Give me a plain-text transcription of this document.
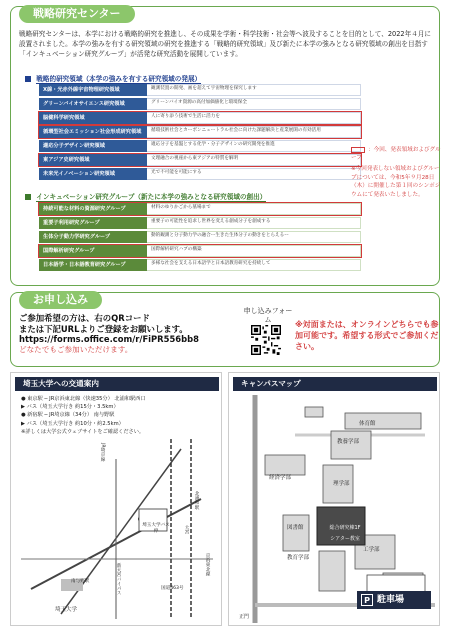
戦略研究センター
戦略研究センターは、本学における戦略的研究を推進し、その成果を学術・科学技術・社会等へ波及することを目的として、2022年４月に設置されました。本学の強みを有する研究領域の研究を推進する「戦略的研究領域」及び新たに本学の強みとなる研究領域の創出を目指す「インキュベーション研究グループ」が活発な研究活動を展開しています。
戦略的研究領域（本学の強みを有する研究領域の発展）
X線・光赤外線宇宙物理研究領域	観測装置の開発、画を超えて宇宙物理を探究します
グリーンバイオサイエンス研究領域	グリーンバイオ資源の高付加価値化と環境保全
脳健科学研究領域	人に寄り添う技術で生活に活力を
循環型社会エミッション社会形成研究領域	循環技術社会とカーボンニュートラル社会に向けた課題解決と産業展開の有効活用
適応分子デザイン研究領域	適応分子を基盤とする化学・分子デザインの研究開発を推進
東アジア史研究領域	文理融合の視座から東アジアの特質を解明
未来光イノベーション研究領域	光で不可能を可能にする
インキュベーション研究グループ（新たに本学の強みとなる研究領域の創出）
持続可能な材料の資源研究グループ	材料のゆりかごから墓場まで
重要子利用研究グループ	重要子の可能性を追求し世界を変える創成分子を創成する
生体分子動力学研究グループ	動的観測と分子動力学の融合ー生きた生体分子の動きをとらえるー
国際解析研究グループ	国際解析研究ハブの構築
日本語学・日本語教育研究グループ	多様な社会を支える日本語学と日本語教育研究を持続して
：今回、発表領域およびグループ
※今回発表しない領域およびグループについては、今和5年９月28日（木）に開催した第１回のシンポジウムにて発表いたしました。
お申し込み
ご参加希望の方は、右のQRコード
または下記URLよりご登録をお願いします。
https://forms.office.com/r/FiPR556bb8
どなたでもご参加いただけます。
申し込みフォーム	※対面または、オンラインどちらでも参加可能です。希望する形式でご参加ください。
埼玉大学への交通案内
● 東京駅 ─ JR京浜東北線（快速35分） 北浦和駅西口
▶ バス（埼玉大学行き 約15分・3.5km）
● 新宿駅 ─ JR埼京線（34分） 南与野駅
▶ バス（埼玉大学行き 約10分・約2.5km）
※詳しくは大学公式ウェブサイトをご確認ください。
埼玉大学
埼玉大学バス停
南与野駅
北浦和駅
大宮
国道463号
JR埼京線
京浜東北線
新大宮バイパス
キャンパスマップ
総合研究棟1F
シアター教室
理学部
工学部
教育学部
図書館
経済学部
教養学部
体育館
正門
P 駐車場
